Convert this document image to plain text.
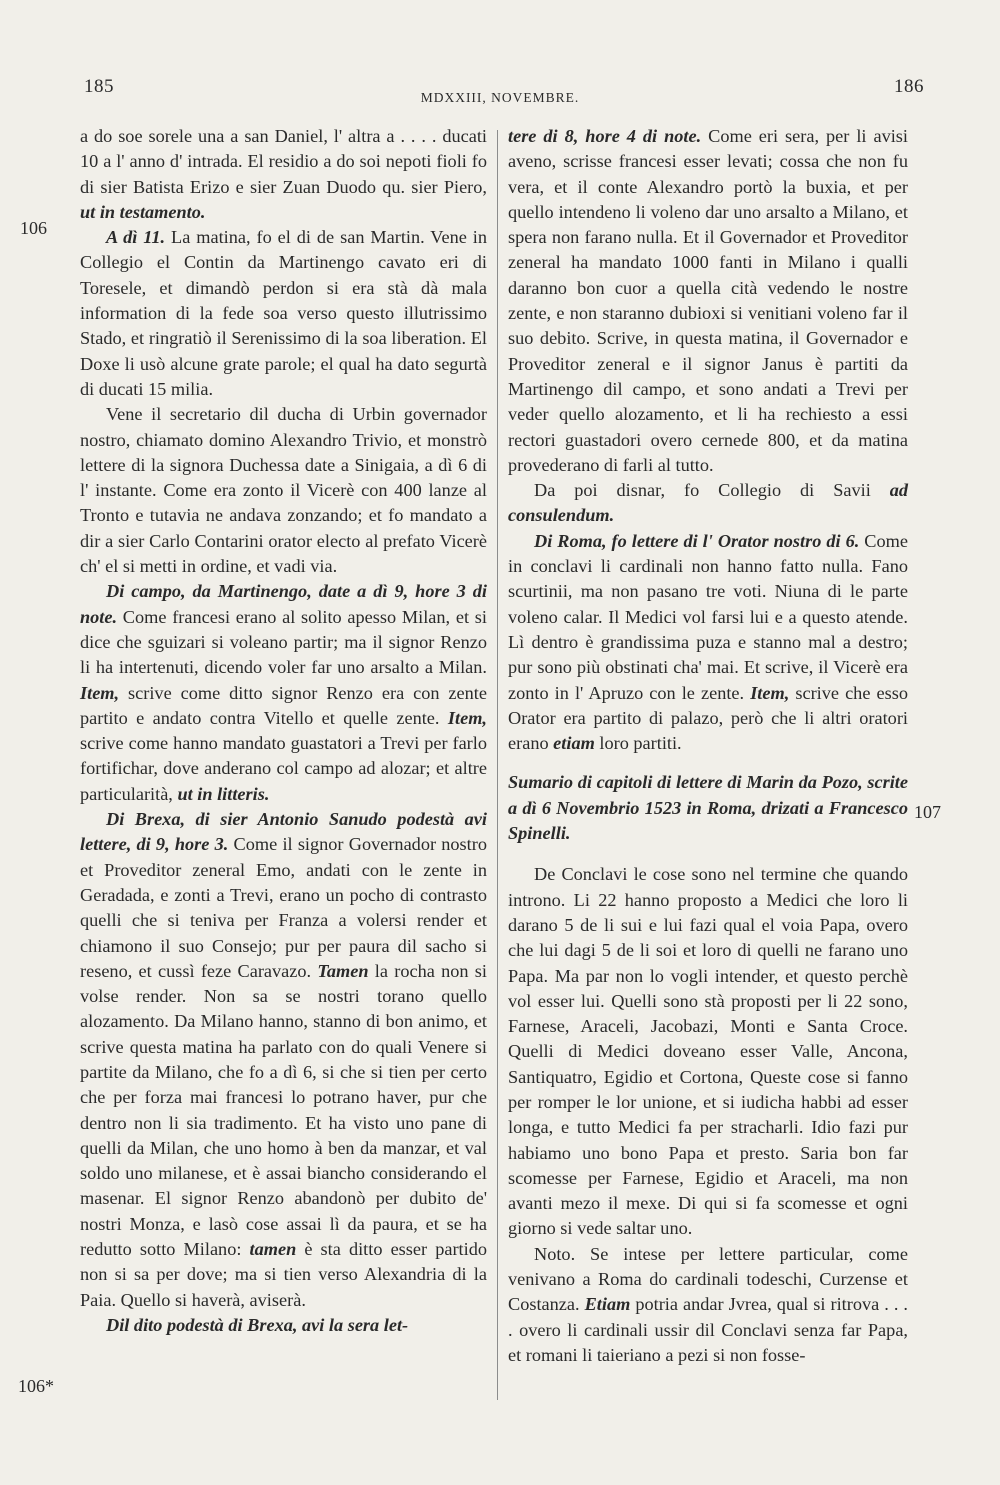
185
MDXXIII, NOVEMBRE.
186
106
106*
107

a do soe sorele una a san Daniel, l' altra a . . . . ducati 10 a l' anno d' intrada. El residio a do soi nepoti fioli fo di sier Batista Erizo e sier Zuan Duodo qu. sier Piero, ut in testamento.

A dì 11. La matina, fo el di de san Martin. Vene in Collegio el Contin da Martinengo cavato eri di Toresele, et dimandò perdon si era stà dà mala information di la fede soa verso questo illutrissimo Stado, et ringratiò il Serenissimo di la soa liberation. El Doxe li usò alcune grate parole; el qual ha dato segurtà di ducati 15 milia.

Vene il secretario dil ducha di Urbin governador nostro, chiamato domino Alexandro Trivio, et monstrò lettere di la signora Duchessa date a Sinigaia, a dì 6 di l' instante. Come era zonto il Vicerè con 400 lanze al Tronto e tutavia ne andava zonzando; et fo mandato a dir a sier Carlo Contarini orator electo al prefato Vicerè ch' el si metti in ordine, et vadi via.

Di campo, da Martinengo, date a dì 9, hore 3 di note. Come francesi erano al solito apesso Milan, et si dice che sguizari si voleano partir; ma il signor Renzo li ha intertenuti, dicendo voler far uno arsalto a Milan. Item, scrive come ditto signor Renzo era con zente partito e andato contra Vitello et quelle zente. Item, scrive come hanno mandato guastatori a Trevi per farlo fortifichar, dove anderano col campo ad alozar; et altre particularità, ut in litteris.

Di Brexa, di sier Antonio Sanudo podestà avi lettere, di 9, hore 3. Come il signor Governador nostro et Proveditor zeneral Emo, andati con le zente in Geradada, e zonti a Trevi, erano un pocho di contrasto quelli che si teniva per Franza a volersi render et chiamono il suo Consejo; pur per paura dil sacho si reseno, et cussì feze Caravazo. Tamen la rocha non si volse render. Non sa se nostri torano quello alozamento. Da Milano hanno, stanno di bon animo, et scrive questa matina ha parlato con do quali Venere si partite da Milano, che fo a dì 6, si che si tien per certo che per forza mai francesi lo potrano haver, pur che dentro non li sia tradimento. Et ha visto uno pane di quelli da Milan, che uno homo à ben da manzar, et val soldo uno milanese, et è assai biancho considerando el masenar. El signor Renzo abandonò per dubito de' nostri Monza, e lasò cose assai lì da paura, et se ha redutto sotto Milano: tamen è sta ditto esser partido non si sa per dove; ma si tien verso Alexandria di la Paia. Quello si haverà, aviserà.

Dil dito podestà di Brexa, avi la sera let-

tere di 8, hore 4 di note. Come eri sera, per li avisi aveno, scrisse francesi esser levati; cossa che non fu vera, et il conte Alexandro portò la buxia, et per quello intendeno li voleno dar uno arsalto a Milano, et spera non farano nulla. Et il Governador et Proveditor zeneral ha mandato 1000 fanti in Milano i qualli daranno bon cuor a quella cità vedendo le nostre zente, e non staranno dubioxi si venitiani voleno far il suo debito. Scrive, in questa matina, il Governador e Proveditor zeneral e il signor Janus è partiti da Martinengo dil campo, et sono andati a Trevi per veder quello alozamento, et li ha rechiesto a essi rectori guastadori overo cernede 800, et da matina provederano di farli al tutto.

Da poi disnar, fo Collegio di Savii ad consulendum.

Di Roma, fo lettere di l' Orator nostro di 6. Come in conclavi li cardinali non hanno fatto nulla. Fano scurtinii, ma non pasano tre voti. Niuna di le parte voleno calar. Il Medici vol farsi lui e a questo atende. Lì dentro è grandissima puza e stanno mal a destro; pur sono più obstinati cha' mai. Et scrive, il Vicerè era zonto in l' Apruzo con le zente. Item, scrive che esso Orator era partito di palazo, però che li altri oratori erano etiam loro partiti.

Sumario di capitoli di lettere di Marin da Pozo, scrite a dì 6 Novembrio 1523 in Roma, drizati a Francesco Spinelli.

De Conclavi le cose sono nel termine che quando introno. Li 22 hanno proposto a Medici che loro li darano 5 de li sui e lui fazi qual el voia Papa, overo che lui dagi 5 de li soi et loro di quelli ne farano uno Papa. Ma par non lo vogli intender, et questo perchè vol esser lui. Quelli sono stà proposti per li 22 sono, Farnese, Araceli, Jacobazi, Monti e Santa Croce. Quelli di Medici doveano esser Valle, Ancona, Santiquatro, Egidio et Cortona, Queste cose si fanno per romper le lor unione, et si iudicha habbi ad esser longa, e tutto Medici fa per stracharli. Idio fazi pur habiamo uno bono Papa et presto. Saria bon far scomesse per Farnese, Egidio et Araceli, ma non avanti mezo il mexe. Di qui si fa scomesse et ogni giorno si vede saltar uno.

Noto. Se intese per lettere particular, come venivano a Roma do cardinali todeschi, Curzense et Costanza. Etiam potria andar Jvrea, qual si ritrova . . . . overo li cardinali ussir dil Conclavi senza far Papa, et romani li taieriano a pezi si non fosse-
